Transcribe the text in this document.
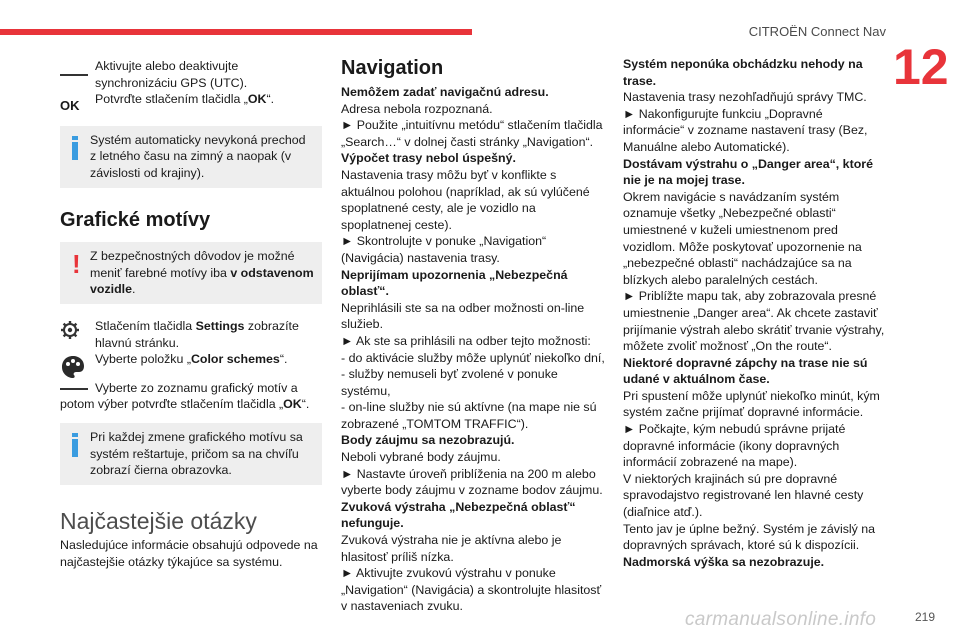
CITROËN Connect Nav
12
OK
Aktivujte alebo deaktivujte synchronizáciu GPS (UTC).
Potvrďte stlačením tlačidla „OK“.
Systém automaticky nevykoná prechod z letného času na zimný a naopak (v závislosti od krajiny).
Grafické motívy
! Z bezpečnostných dôvodov je možné meniť farebné motívy iba v odstavenom vozidle.
Stlačením tlačidla Settings zobrazíte hlavnú stránku.
Vyberte položku „Color schemes“.
Vyberte zo zoznamu grafický motív a potom výber potvrďte stlačením tlačidla „OK“.
Pri každej zmene grafického motívu sa systém reštartuje, pričom sa na chvíľu zobrazí čierna obrazovka.
Najčastejšie otázky
Nasledujúce informácie obsahujú odpovede na najčastejšie otázky týkajúce sa systému.
Navigation
Nemôžem zadať navigačnú adresu.
Adresa nebola rozpoznaná.
► Použite „intuitívnu metódu“ stlačením tlačidla „Search…“ v dolnej časti stránky „Navigation“.
Výpočet trasy nebol úspešný.
Nastavenia trasy môžu byť v konflikte s aktuálnou polohou (napríklad, ak sú vylúčené spoplatnené cesty, ale je vozidlo na spoplatnenej ceste).
► Skontrolujte v ponuke „Navigation“ (Navigácia) nastavenia trasy.
Neprijímam upozornenia „Nebezpečná oblasť“.
Neprihlásili ste sa na odber možnosti on-line služieb.
► Ak ste sa prihlásili na odber tejto možnosti:
- do aktivácie služby môže uplynúť niekoľko dní,
- služby nemuseli byť zvolené v ponuke systému,
- on-line služby nie sú aktívne (na mape nie sú zobrazené „TOMTOM TRAFFIC“).
Body záujmu sa nezobrazujú.
Neboli vybrané body záujmu.
► Nastavte úroveň priblíženia na 200 m alebo vyberte body záujmu v zozname bodov záujmu.
Zvuková výstraha „Nebezpečná oblasť“ nefunguje.
Zvuková výstraha nie je aktívna alebo je hlasitosť príliš nízka.
► Aktivujte zvukovú výstrahu v ponuke „Navigation“ (Navigácia) a skontrolujte hlasitosť v nastaveniach zvuku.
Systém neponúka obchádzku nehody na trase.
Nastavenia trasy nezohľadňujú správy TMC.
► Nakonfigurujte funkciu „Dopravné informácie“ v zozname nastavení trasy (Bez, Manuálne alebo Automatické).
Dostávam výstrahu o „Danger area“, ktoré nie je na mojej trase.
Okrem navigácie s navádzaním systém oznamuje všetky „Nebezpečné oblasti“ umiestnené v kuželi umiestnenom pred vozidlom. Môže poskytovať upozornenie na „nebezpečné oblasti“ nachádzajúce sa na blízkych alebo paralelných cestách.
► Priblížte mapu tak, aby zobrazovala presné umiestnenie „Danger area“. Ak chcete zastaviť prijímanie výstrah alebo skrátiť trvanie výstrahy, môžete zvoliť možnosť „On the route“.
Niektoré dopravné zápchy na trase nie sú udané v aktuálnom čase.
Pri spustení môže uplynúť niekoľko minút, kým systém začne prijímať dopravné informácie.
► Počkajte, kým nebudú správne prijaté dopravné informácie (ikony dopravných informácií zobrazené na mape).
V niektorých krajinách sú pre dopravné spravodajstvo registrované len hlavné cesty (diaľnice atď.).
Tento jav je úplne bežný. Systém je závislý na dopravných správach, ktoré sú k dispozícii.
Nadmorská výška sa nezobrazuje.
carmanualsonline.info	219
